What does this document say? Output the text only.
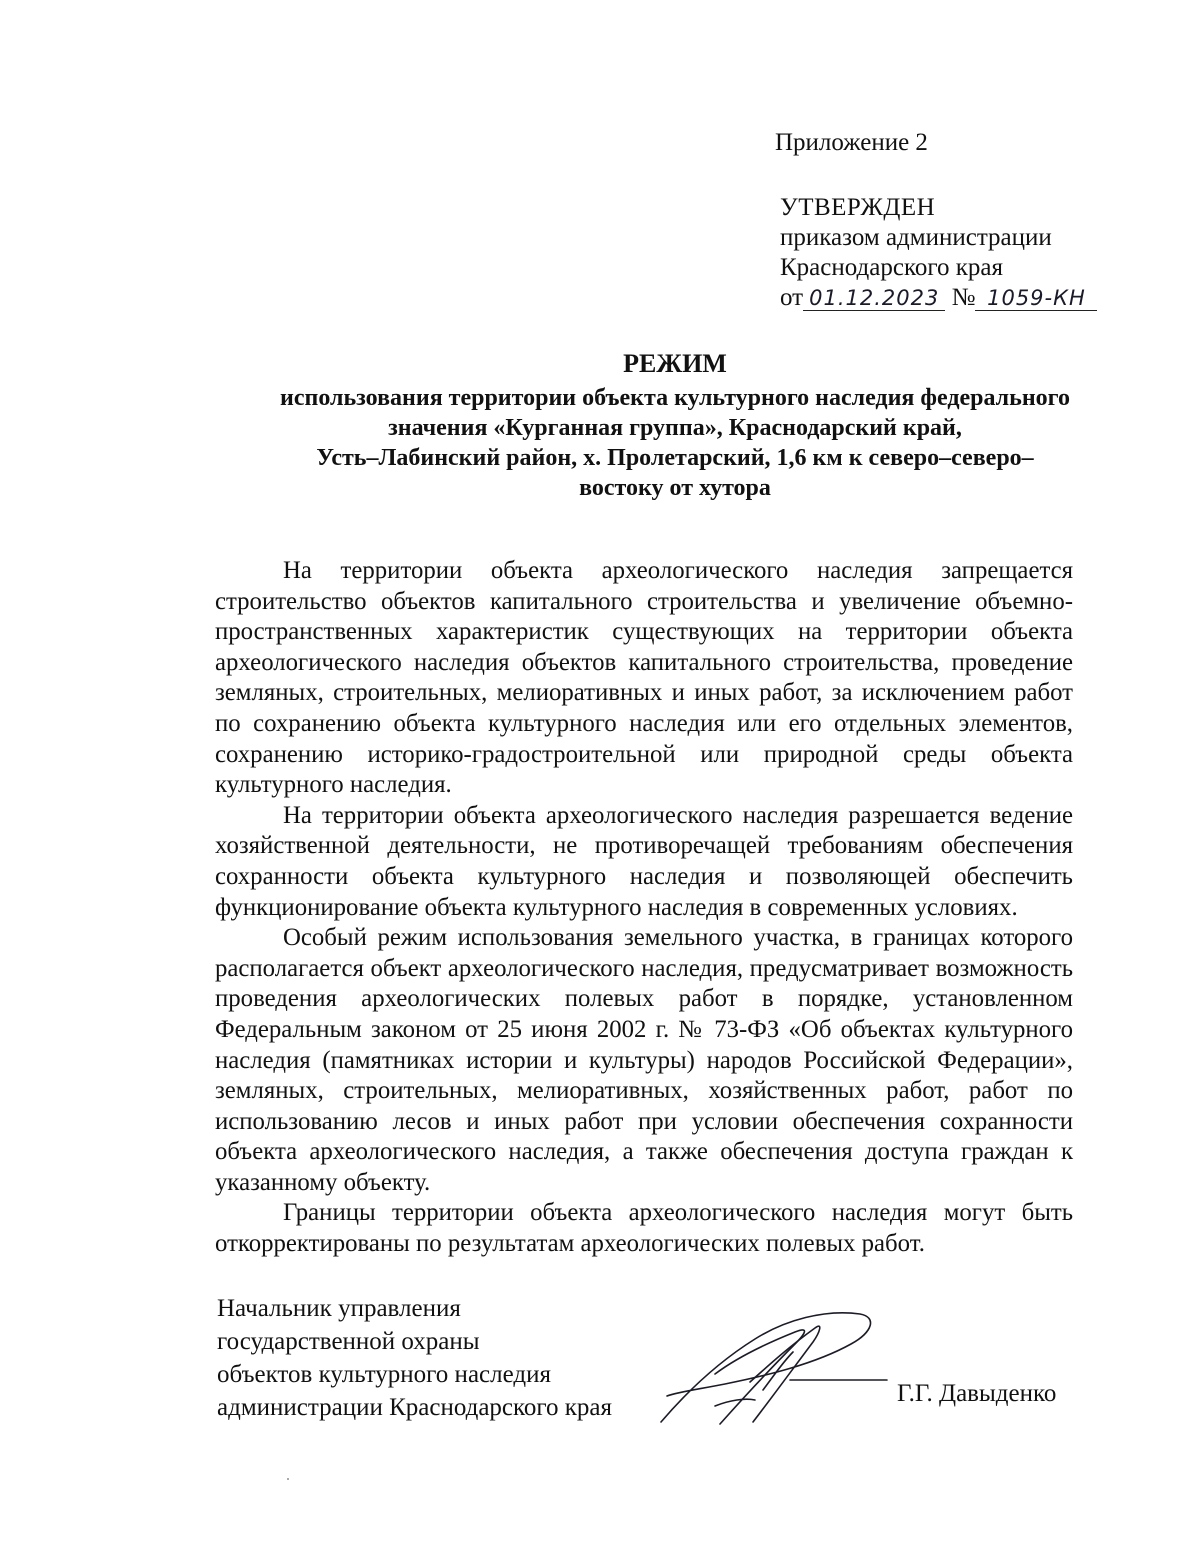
Приложение 2
УТВЕРЖДЕН
приказом администрации
Краснодарского края
от 01.12.2023 № 1059-КН
РЕЖИМ
использования территории объекта культурного наследия федерального
значения «Курганная группа», Краснодарский край,
Усть–Лабинский район, х. Пролетарский, 1,6 км к северо–северо–
востоку от хутора

На территории объекта археологического наследия запрещается строительство объектов капитального строительства и увеличение объемно-пространственных характеристик существующих на территории объекта археологического наследия объектов капитального строительства, проведение земляных, строительных, мелиоративных и иных работ, за исключением работ по сохранению объекта культурного наследия или его отдельных элементов, сохранению историко-градостроительной или природной среды объекта культурного наследия.

На территории объекта археологического наследия разрешается ведение хозяйственной деятельности, не противоречащей требованиям обеспечения сохранности объекта культурного наследия и позволяющей обеспечить функционирование объекта культурного наследия в современных условиях.

Особый режим использования земельного участка, в границах которого располагается объект археологического наследия, предусматривает возможность проведения археологических полевых работ в порядке, установленном Федеральным законом от 25 июня 2002 г. № 73-ФЗ «Об объектах культурного наследия (памятниках истории и культуры) народов Российской Федерации», земляных, строительных, мелиоративных, хозяйственных работ, работ по использованию лесов и иных работ при условии обеспечения сохранности объекта археологического наследия, а также обеспечения доступа граждан к указанному объекту.

Границы территории объекта археологического наследия могут быть откорректированы по результатам археологических полевых работ.

Начальник управления
государственной охраны
объектов культурного наследия
администрации Краснодарского края
Г.Г. Давыденко
